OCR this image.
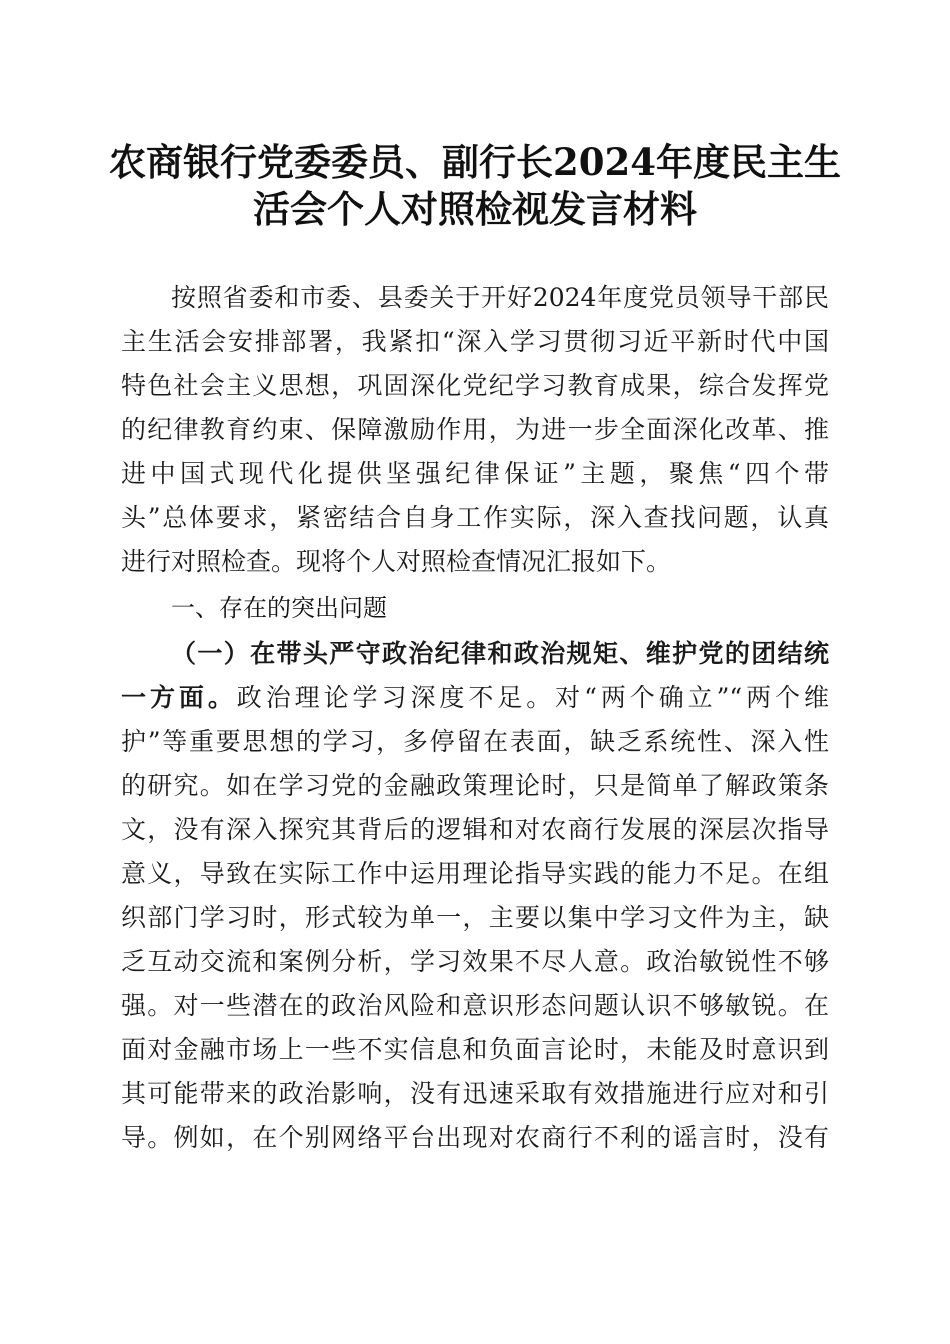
农商银行党委委员、副行长2024年度民主生
活会个人对照检视发言材料
按照省委和市委、县委关于开好2024年度党员领导干部民
主生活会安排部署，我紧扣“深入学习贯彻习近平新时代中国
特色社会主义思想，巩固深化党纪学习教育成果，综合发挥党
的纪律教育约束、保障激励作用，为进一步全面深化改革、推
进中国式现代化提供坚强纪律保证”主题，聚焦“四个带
头”总体要求，紧密结合自身工作实际，深入查找问题，认真
进行对照检查。现将个人对照检查情况汇报如下。
一、存在的突出问题
（一）在带头严守政治纪律和政治规矩、维护党的团结统
一方面。政治理论学习深度不足。对“两个确立”“两个维
护”等重要思想的学习，多停留在表面，缺乏系统性、深入性
的研究。如在学习党的金融政策理论时，只是简单了解政策条
文，没有深入探究其背后的逻辑和对农商行发展的深层次指导
意义，导致在实际工作中运用理论指导实践的能力不足。在组
织部门学习时，形式较为单一，主要以集中学习文件为主，缺
乏互动交流和案例分析，学习效果不尽人意。政治敏锐性不够
强。对一些潜在的政治风险和意识形态问题认识不够敏锐。在
面对金融市场上一些不实信息和负面言论时，未能及时意识到
其可能带来的政治影响，没有迅速采取有效措施进行应对和引
导。例如，在个别网络平台出现对农商行不利的谣言时，没有
